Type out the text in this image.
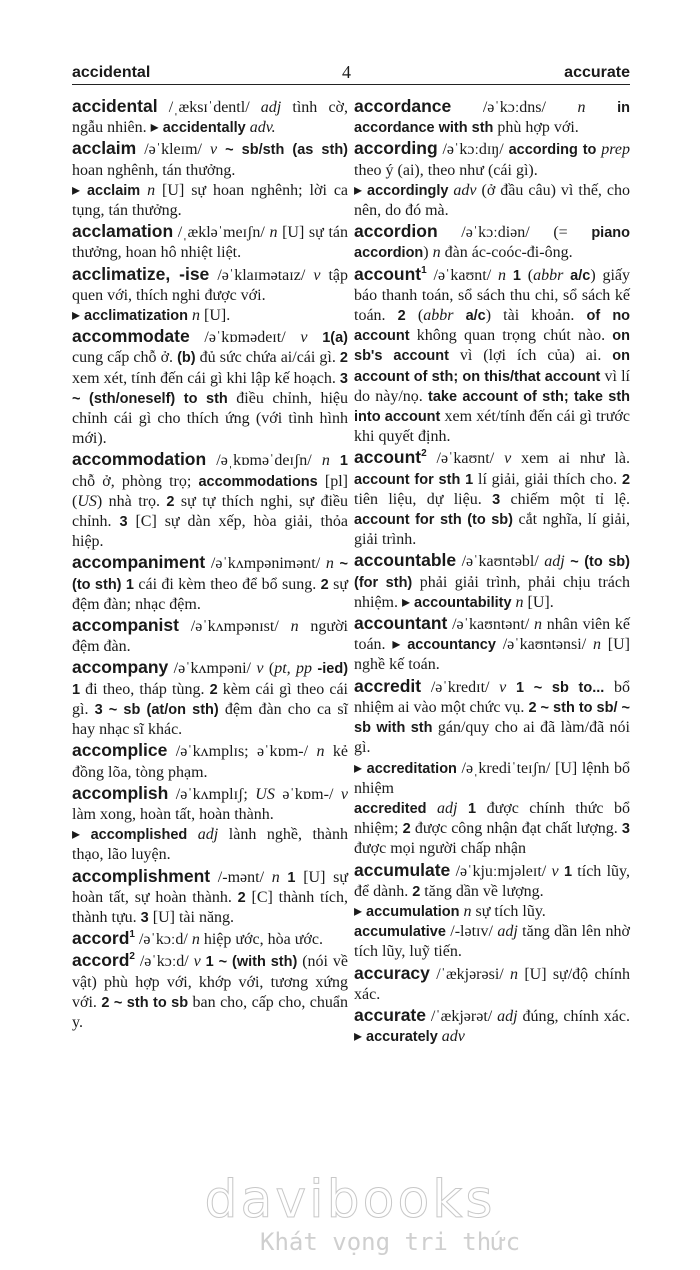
accidental	4	accurate
accidental /ˌæksɪˈdentl/ adj tình cờ, ngẫu nhiên. ▸ accidentally adv.
acclaim /əˈkleɪm/ v ~ sb/sth (as sth) hoan nghênh, tán thưởng.
▸ acclaim n [U] sự hoan nghênh; lời ca tụng, tán thưởng.
acclamation /ˌækləˈmeɪʃn/ n [U] sự tán thưởng, hoan hô nhiệt liệt.
acclimatize, -ise /əˈklaɪmətaɪz/ v tập quen với, thích nghi được với.
▸ acclimatization n [U].
accommodate /əˈkɒmədeɪt/ v 1(a) cung cấp chỗ ở. (b) đủ sức chứa ai/cái gì. 2 xem xét, tính đến cái gì khi lập kế hoạch. 3 ~ (sth/oneself) to sth điều chỉnh, hiệu chỉnh cái gì cho thích ứng (với tình hình mới).
accommodation /əˌkɒməˈdeɪʃn/ n 1 chỗ ở, phòng trọ; accommodations [pl] (US) nhà trọ. 2 sự tự thích nghi, sự điều chỉnh. 3 [C] sự dàn xếp, hòa giải, thỏa hiệp.
accompaniment /əˈkʌmpənimənt/ n ~ (to sth) 1 cái đi kèm theo để bổ sung. 2 sự đệm đàn; nhạc đệm.
accompanist /əˈkʌmpənɪst/ n người đệm đàn.
accompany /əˈkʌmpəni/ v (pt, pp -ied) 1 đi theo, tháp tùng. 2 kèm cái gì theo cái gì. 3 ~ sb (at/on sth) đệm đàn cho ca sĩ hay nhạc sĩ khác.
accomplice /əˈkʌmplɪs; əˈkɒm-/ n kẻ đồng lõa, tòng phạm.
accomplish /əˈkʌmplɪʃ; US əˈkɒm-/ v làm xong, hoàn tất, hoàn thành.
▸ accomplished adj lành nghề, thành thạo, lão luyện.
accomplishment /-mənt/ n 1 [U] sự hoàn tất, sự hoàn thành. 2 [C] thành tích, thành tựu. 3 [U] tài năng.
accord$^1$ /əˈkɔːd/ n hiệp ước, hòa ước.
accord$^2$ /əˈkɔːd/ v 1 ~ (with sth) (nói về vật) phù hợp với, khớp với, tương xứng với. 2 ~ sth to sb ban cho, cấp cho, chuẩn y.
accordance /əˈkɔːdns/ n in accordance with sth phù hợp với.
according /əˈkɔːdɪŋ/ according to prep theo ý (ai), theo như (cái gì).
▸ accordingly adv (ở đầu câu) vì thế, cho nên, do đó mà.
accordion /əˈkɔːdiən/ (= piano accordion) n đàn ác-coóc-đi-ông.
account$^1$ /əˈkaʊnt/ n 1 (abbr a/c) giấy báo thanh toán, sổ sách thu chi, sổ sách kế toán. 2 (abbr a/c) tài khoản. of no account không quan trọng chút nào. on sb's account vì (lợi ích của) ai. on account of sth; on this/that account vì lí do này/nọ. take account of sth; take sth into account xem xét/tính đến cái gì trước khi quyết định.
account$^2$ /əˈkaʊnt/ v xem ai như là. account for sth 1 lí giải, giải thích cho. 2 tiên liệu, dự liệu. 3 chiếm một tỉ lệ. account for sth (to sb) cắt nghĩa, lí giải, giải trình.
accountable /əˈkaʊntəbl/ adj ~ (to sb) (for sth) phải giải trình, phải chịu trách nhiệm. ▸ accountability n [U].
accountant /əˈkaʊntənt/ n nhân viên kế toán. ▸ accountancy /əˈkaʊntənsi/ n [U] nghề kế toán.
accredit /əˈkredɪt/ v 1 ~ sb to... bổ nhiệm ai vào một chức vụ. 2 ~ sth to sb/ ~ sb with sth gán/quy cho ai đã làm/đã nói gì.
▸ accreditation /əˌkrediˈteɪʃn/ [U] lệnh bổ nhiệm
accredited adj 1 được chính thức bổ nhiệm; 2 được công nhận đạt chất lượng. 3 được mọi người chấp nhận
accumulate /əˈkjuːmjəleɪt/ v 1 tích lũy, để dành. 2 tăng dần về lượng.
▸ accumulation n sự tích lũy.
accumulative /-lətɪv/ adj tăng dần lên nhờ tích lũy, luỹ tiến.
accuracy /ˈækjərəsi/ n [U] sự/độ chính xác.
accurate /ˈækjərət/ adj đúng, chính xác. ▸ accurately adv
davibooks
Khát vọng tri thức
